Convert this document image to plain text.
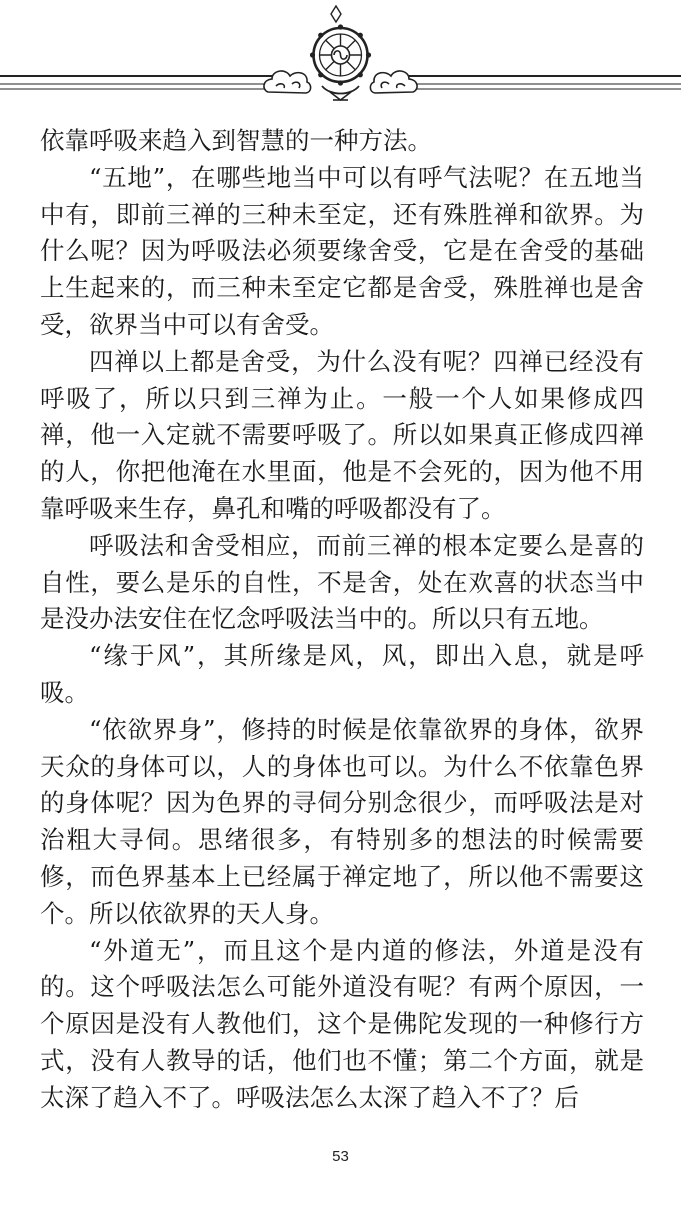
依靠呼吸来趋入到智慧的一种方法。

“五地”，在哪些地当中可以有呼气法呢？在五地当中有，即前三禅的三种未至定，还有殊胜禅和欲界。为什么呢？因为呼吸法必须要缘舍受，它是在舍受的基础上生起来的，而三种未至定它都是舍受，殊胜禅也是舍受，欲界当中可以有舍受。

四禅以上都是舍受，为什么没有呢？四禅已经没有呼吸了，所以只到三禅为止。一般一个人如果修成四禅，他一入定就不需要呼吸了。所以如果真正修成四禅的人，你把他淹在水里面，他是不会死的，因为他不用靠呼吸来生存，鼻孔和嘴的呼吸都没有了。

呼吸法和舍受相应，而前三禅的根本定要么是喜的自性，要么是乐的自性，不是舍，处在欢喜的状态当中是没办法安住在忆念呼吸法当中的。所以只有五地。

“缘于风”，其所缘是风，风，即出入息，就是呼吸。

“依欲界身”，修持的时候是依靠欲界的身体，欲界天众的身体可以，人的身体也可以。为什么不依靠色界的身体呢？因为色界的寻伺分别念很少，而呼吸法是对治粗大寻伺。思绪很多，有特别多的想法的时候需要修，而色界基本上已经属于禅定地了，所以他不需要这个。所以依欲界的天人身。

“外道无”，而且这个是内道的修法，外道是没有的。这个呼吸法怎么可能外道没有呢？有两个原因，一个原因是没有人教他们，这个是佛陀发现的一种修行方式，没有人教导的话，他们也不懂；第二个方面，就是太深了趋入不了。呼吸法怎么太深了趋入不了？后

53
